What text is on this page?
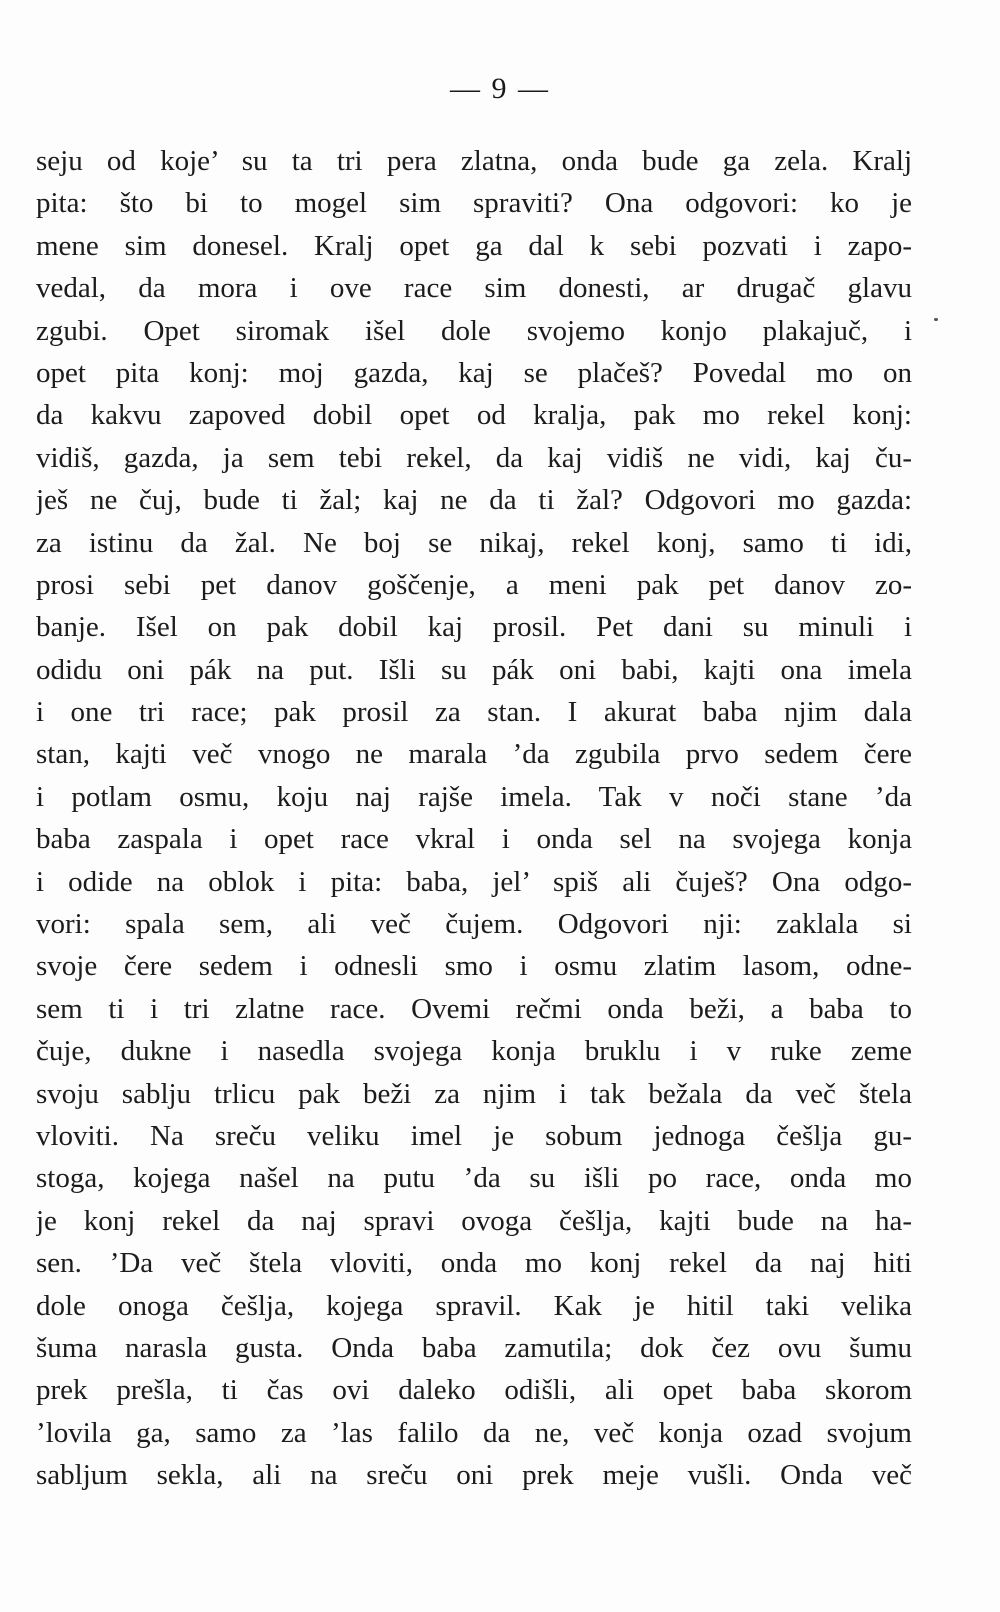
— 9 —
seju od koje’ su ta tri pera zlatna, onda bude ga zela. Kralj
pita: što bi to mogel sim spraviti? Ona odgovori: ko je
mene sim donesel. Kralj opet ga dal k sebi pozvati i zapo-
vedal, da mora i ove race sim donesti, ar drugač glavu
zgubi. Opet siromak išel dole svojemo konjo plakajuč, i
opet pita konj: moj gazda, kaj se plačeš? Povedal mo on
da kakvu zapoved dobil opet od kralja, pak mo rekel konj:
vidiš, gazda, ja sem tebi rekel, da kaj vidiš ne vidi, kaj ču-
ješ ne čuj, bude ti žal; kaj ne da ti žal? Odgovori mo gazda:
za istinu da žal. Ne boj se nikaj, rekel konj, samo ti idi,
prosi sebi pet danov goščenje, a meni pak pet danov zo-
banje. Išel on pak dobil kaj prosil. Pet dani su minuli i
odidu oni pák na put. Išli su pák oni babi, kajti ona imela
i one tri race; pak prosil za stan. I akurat baba njim dala
stan, kajti več vnogo ne marala ’da zgubila prvo sedem čere
i potlam osmu, koju naj rajše imela. Tak v noči stane ’da
baba zaspala i opet race vkral i onda sel na svojega konja
i odide na oblok i pita: baba, jel’ spiš ali čuješ? Ona odgo-
vori: spala sem, ali več čujem. Odgovori nji: zaklala si
svoje čere sedem i odnesli smo i osmu zlatim lasom, odne-
sem ti i tri zlatne race. Ovemi rečmi onda beži, a baba to
čuje, dukne i nasedla svojega konja bruklu i v ruke zeme
svoju sablju trlicu pak beži za njim i tak bežala da več štela
vloviti. Na sreču veliku imel je sobum jednoga češlja gu-
stoga, kojega našel na putu ’da su išli po race, onda mo
je konj rekel da naj spravi ovoga češlja, kajti bude na ha-
sen. ’Da več štela vloviti, onda mo konj rekel da naj hiti
dole onoga češlja, kojega spravil. Kak je hitil taki velika
šuma narasla gusta. Onda baba zamutila; dok čez ovu šumu
prek prešla, ti čas ovi daleko odišli, ali opet baba skorom
’lovila ga, samo za ’las falilo da ne, več konja ozad svojum
sabljum sekla, ali na sreču oni prek meje vušli. Onda več
